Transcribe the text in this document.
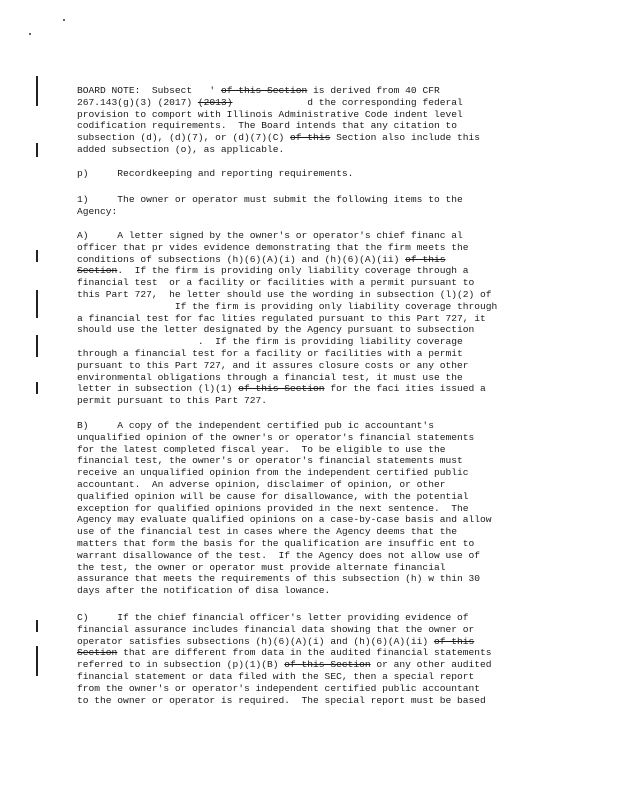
BOARD NOTE:  Subsect   ' of this Section is derived from 40 CFR
267.143(g)(3) (2017) (2013)             d the corresponding federal
provision to comport with Illinois Administrative Code indent level
codification requirements.  The Board intends that any citation to
subsection (d), (d)(7), or (d)(7)(C) of this Section also include this
added subsection (o), as applicable.
p)     Recordkeeping and reporting requirements.
1)     The owner or operator must submit the following items to the
Agency:
A)     A letter signed by the owner's or operator's chief financ al
officer that pr vides evidence demonstrating that the firm meets the
conditions of subsections (h)(6)(A)(i) and (h)(6)(A)(ii) of this
Section.  If the firm is providing only liability coverage through a
financial test  or a facility or facilities with a permit pursuant to
this Part 727,  he letter should use the wording in subsection (l)(2) of
If the firm is providing only liability coverage through
a financial test for fac lities regulated pursuant to this Part 727, it
should use the letter designated by the Agency pursuant to subsection
.  If the firm is providing liability coverage
through a financial test for a facility or facilities with a permit
pursuant to this Part 727, and it assures closure costs or any other
environmental obligations through a financial test, it must use the
letter in subsection (l)(1) of this Section for the faci ities issued a
permit pursuant to this Part 727.
B)     A copy of the independent certified pub ic accountant's
unqualified opinion of the owner's or operator's financial statements
for the latest completed fiscal year.  To be eligible to use the
financial test, the owner's or operator's financial statements must
receive an unqualified opinion from the independent certified public
accountant.  An adverse opinion, disclaimer of opinion, or other
qualified opinion will be cause for disallowance, with the potential
exception for qualified opinions provided in the next sentence.  The
Agency may evaluate qualified opinions on a case-by-case basis and allow
use of the financial test in cases where the Agency deems that the
matters that form the basis for the qualification are insuffic ent to
warrant disallowance of the test.  If the Agency does not allow use of
the test, the owner or operator must provide alternate financial
assurance that meets the requirements of this subsection (h) w thin 30
days after the notification of disa lowance.
C)     If the chief financial officer's letter providing evidence of
financial assurance includes financial data showing that the owner or
operator satisfies subsections (h)(6)(A)(i) and (h)(6)(A)(ii) of this
Section that are different from data in the audited financial statements
referred to in subsection (p)(1)(B) of this Section or any other audited
financial statement or data filed with the SEC, then a special report
from the owner's or operator's independent certified public accountant
to the owner or operator is required.  The special report must be based
